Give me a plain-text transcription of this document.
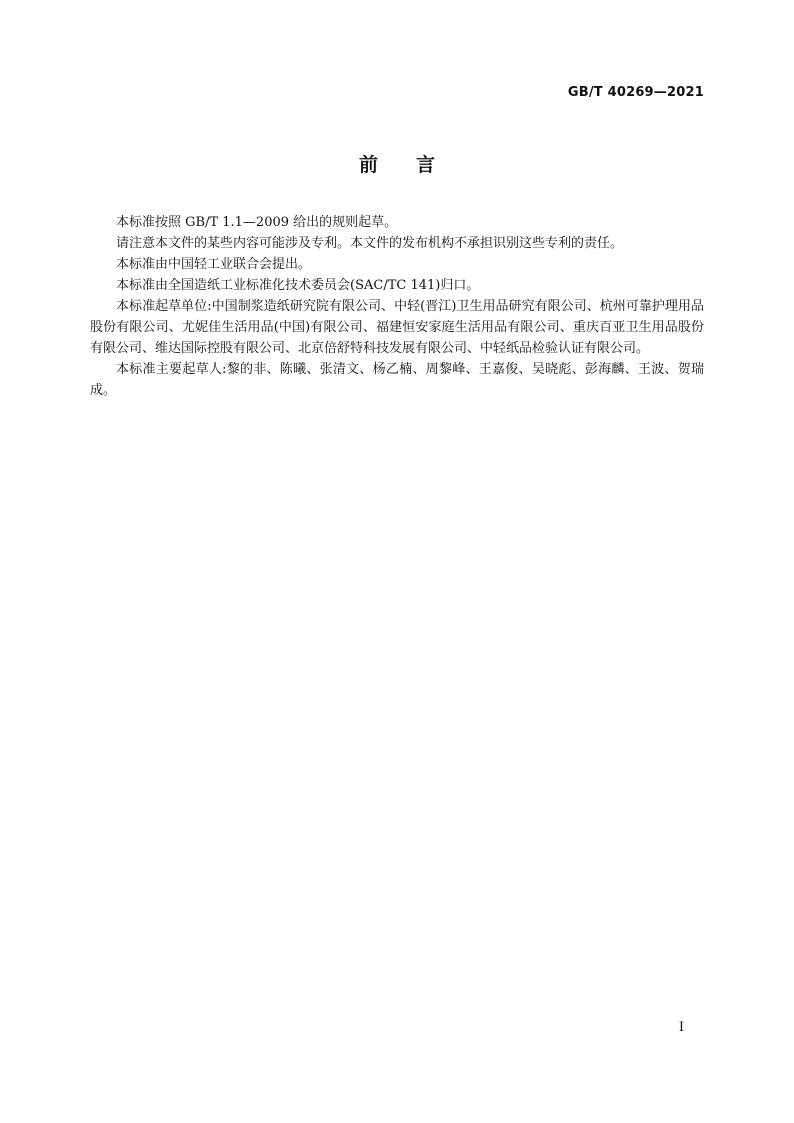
GB/T 40269—2021
前言

本标准按照 GB/T 1.1—2009 给出的规则起草。

请注意本文件的某些内容可能涉及专利。本文件的发布机构不承担识别这些专利的责任。

本标准由中国轻工业联合会提出。

本标准由全国造纸工业标准化技术委员会(SAC/TC 141)归口。

本标准起草单位:中国制浆造纸研究院有限公司、中轻(晋江)卫生用品研究有限公司、杭州可靠护理用品股份有限公司、尤妮佳生活用品(中国)有限公司、福建恒安家庭生活用品有限公司、重庆百亚卫生用品股份有限公司、维达国际控股有限公司、北京倍舒特科技发展有限公司、中轻纸品检验认证有限公司。

本标准主要起草人:黎的非、陈曦、张清文、杨乙楠、周黎峰、王嘉俊、吴晓彪、彭海麟、王波、贺瑞成。

I
